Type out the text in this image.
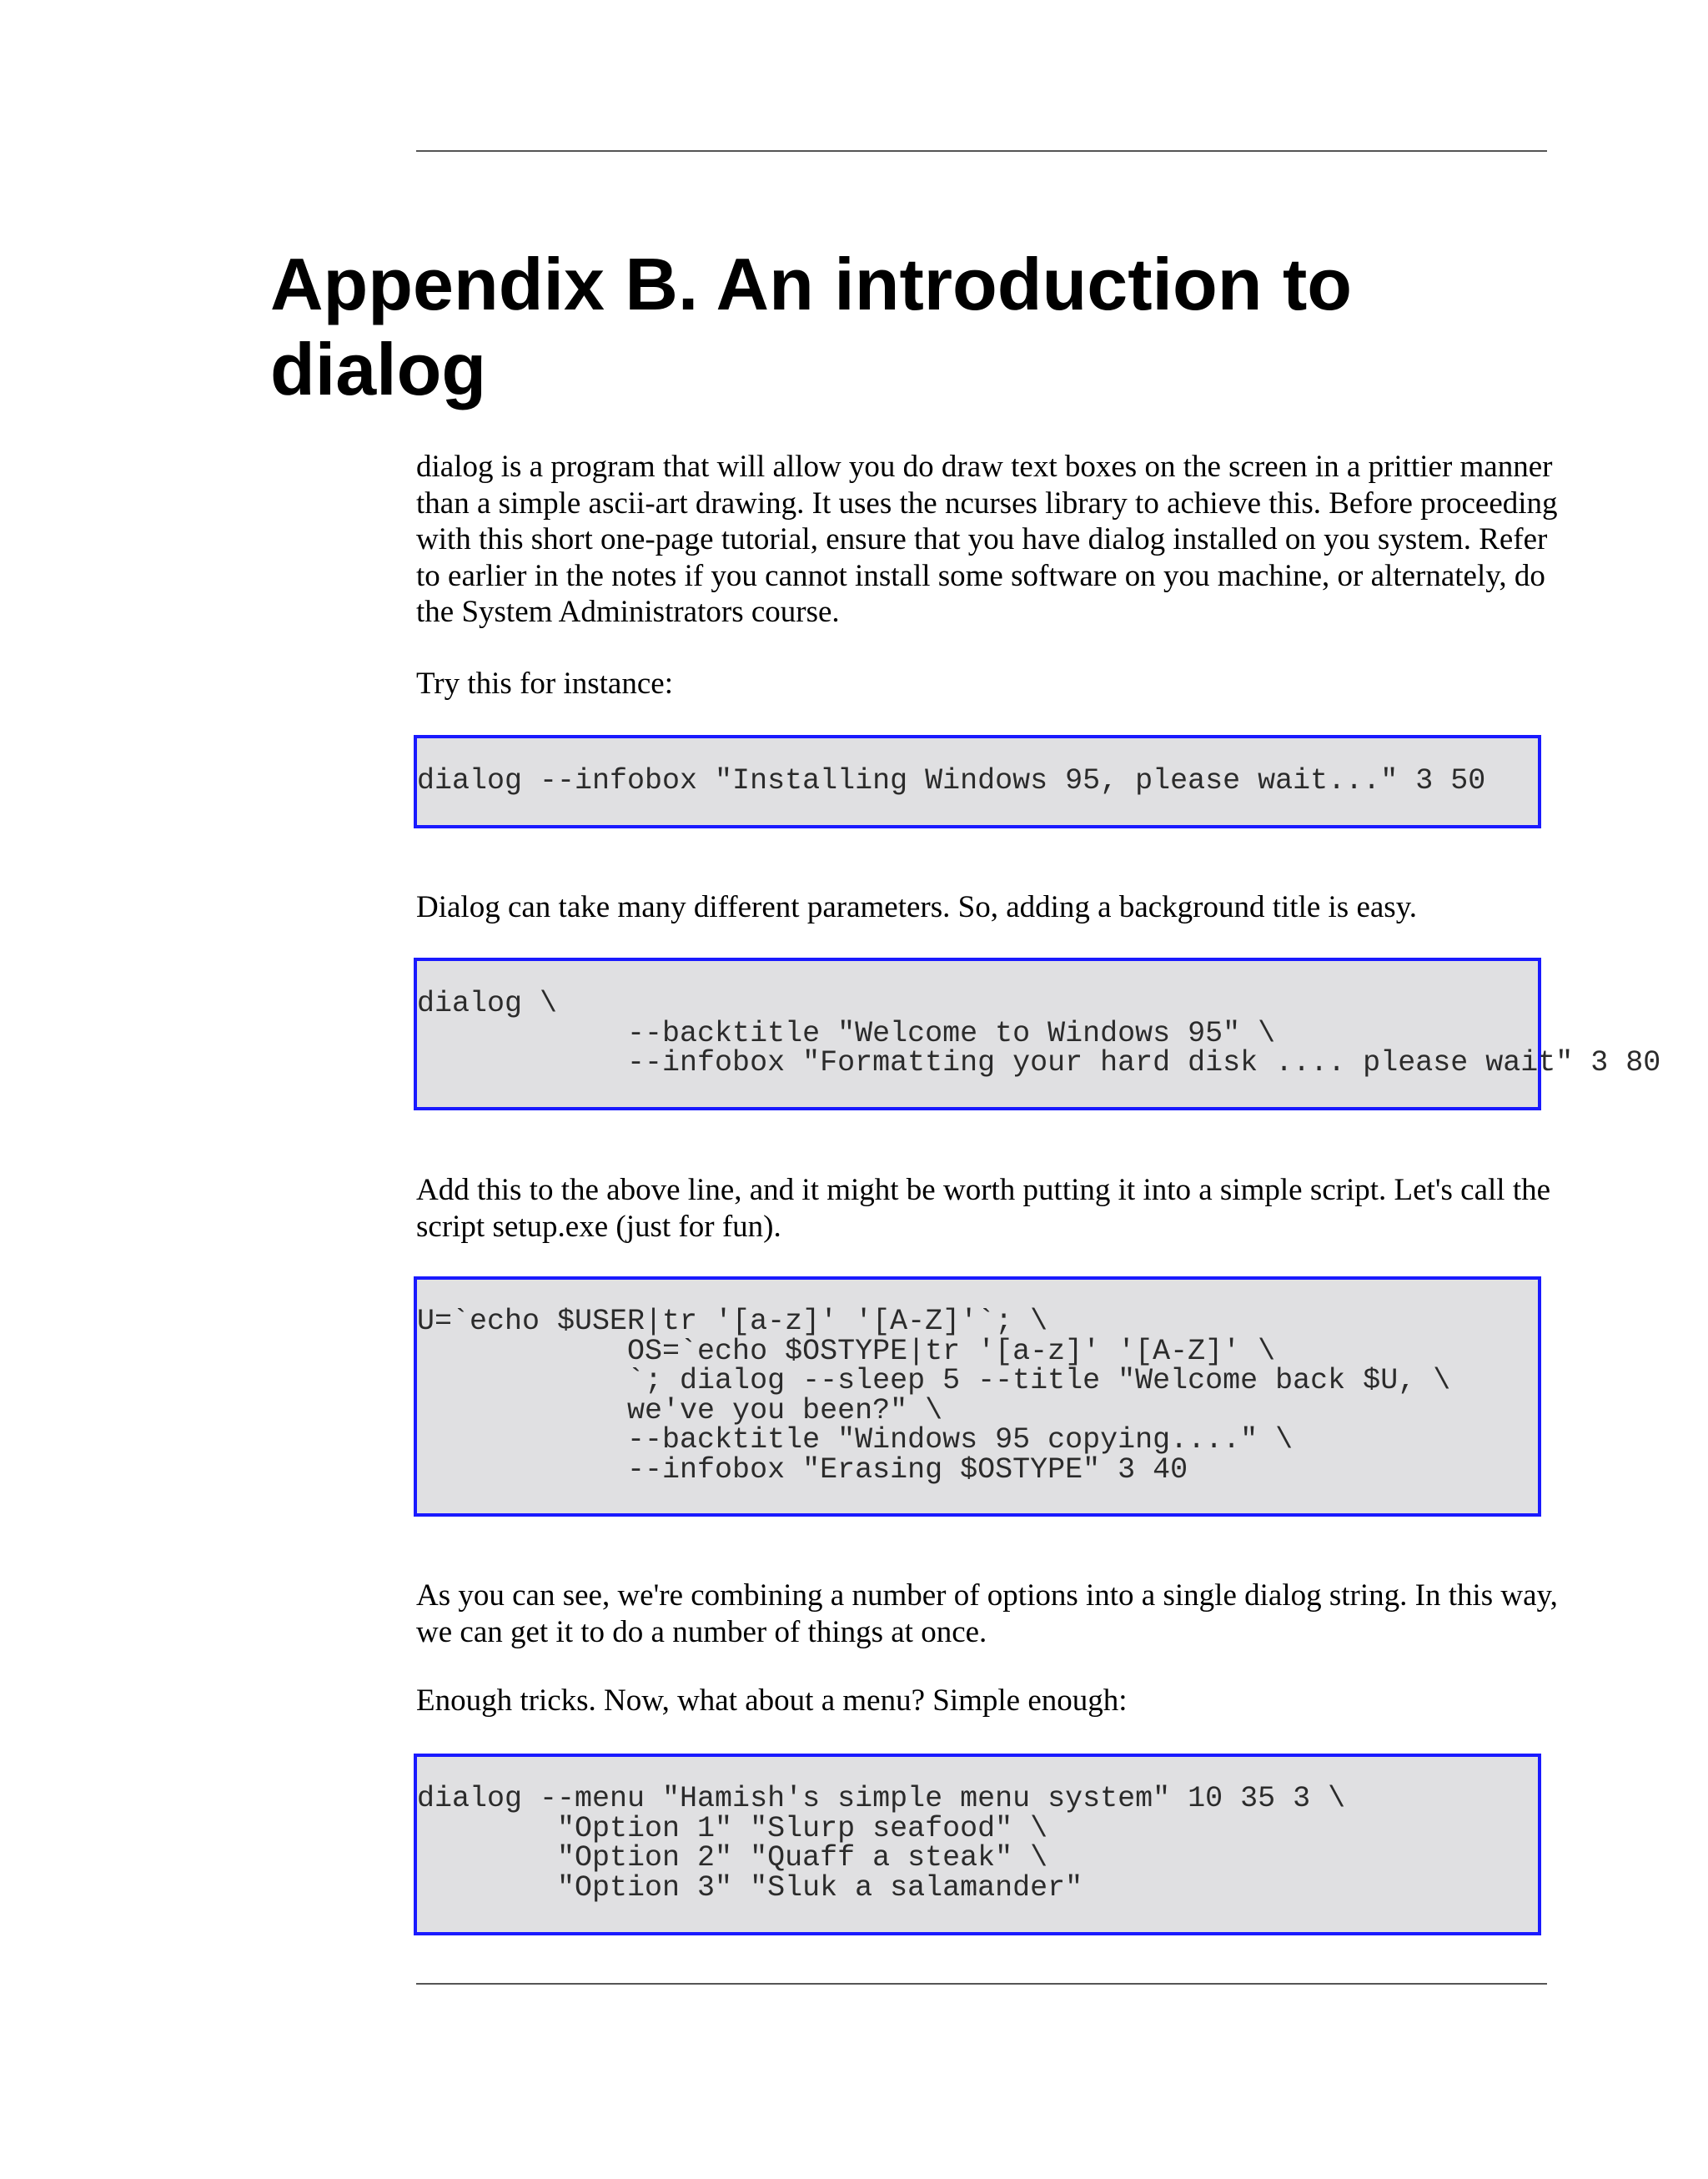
Appendix B. An introduction to dialog

dialog is a program that will allow you do draw text boxes on the screen in a prittier manner than a simple ascii-art drawing. It uses the ncurses library to achieve this. Before proceeding with this short one-page tutorial, ensure that you have dialog installed on you system. Refer to earlier in the notes if you cannot install some software on you machine, or alternately, do the System Administrators course.

Try this for instance:

dialog --infobox "Installing Windows 95, please wait..." 3 50

Dialog can take many different parameters. So, adding a background title is easy.

dialog \
--backtitle "Welcome to Windows 95" \
--infobox "Formatting your hard disk .... please wait" 3 80

Add this to the above line, and it might be worth putting it into a simple script. Let's call the script setup.exe (just for fun).

U=`echo $USER|tr '[a-z]' '[A-Z]'`; \
OS=`echo $OSTYPE|tr '[a-z]' '[A-Z]' \
`; dialog --sleep 5 --title "Welcome back $U, \
we've you been?" \
--backtitle "Windows 95 copying...." \
--infobox "Erasing $OSTYPE" 3 40

As you can see, we're combining a number of options into a single dialog string. In this way, we can get it to do a number of things at once.

Enough tricks. Now, what about a menu? Simple enough:

dialog --menu "Hamish's simple menu system" 10 35 3 \
"Option 1" "Slurp seafood" \
"Option 2" "Quaff a steak" \
"Option 3" "Sluk a salamander"
